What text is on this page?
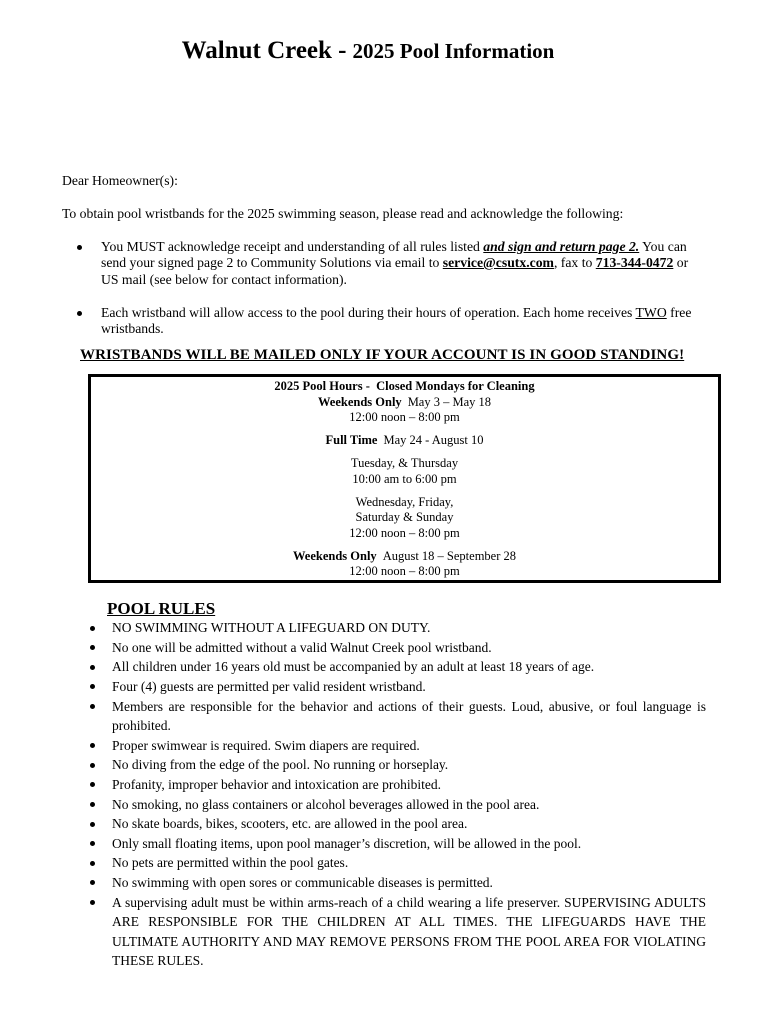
Walnut Creek - 2025 Pool Information

Dear Homeowner(s):

To obtain pool wristbands for the 2025 swimming season, please read and acknowledge the following:

You MUST acknowledge receipt and understanding of all rules listed and sign and return page 2. You can send your signed page 2 to Community Solutions via email to service@csutx.com, fax to 713-344-0472 or US mail (see below for contact information).
Each wristband will allow access to the pool during their hours of operation. Each home receives TWO free wristbands.

WRISTBANDS WILL BE MAILED ONLY IF YOUR ACCOUNT IS IN GOOD STANDING!

2025 Pool Hours -  Closed Mondays for Cleaning
Weekends Only May 3 – May 18
12:00 noon – 8:00 pm
Full Time May 24 - August 10
Tuesday, & Thursday
10:00 am to 6:00 pm
Wednesday, Friday,
Saturday & Sunday
12:00 noon – 8:00 pm
Weekends Only August 18 – September 28
12:00 noon – 8:00 pm
POOL RULES
NO SWIMMING WITHOUT A LIFEGUARD ON DUTY.
No one will be admitted without a valid Walnut Creek pool wristband.
All children under 16 years old must be accompanied by an adult at least 18 years of age.
Four (4) guests are permitted per valid resident wristband.
Members are responsible for the behavior and actions of their guests. Loud, abusive, or foul language is prohibited.
Proper swimwear is required. Swim diapers are required.
No diving from the edge of the pool. No running or horseplay.
Profanity, improper behavior and intoxication are prohibited.
No smoking, no glass containers or alcohol beverages allowed in the pool area.
No skate boards, bikes, scooters, etc. are allowed in the pool area.
Only small floating items, upon pool manager’s discretion, will be allowed in the pool.
No pets are permitted within the pool gates.
No swimming with open sores or communicable diseases is permitted.
A supervising adult must be within arms-reach of a child wearing a life preserver. SUPERVISING ADULTS ARE RESPONSIBLE FOR THE CHILDREN AT ALL TIMES. THE LIFEGUARDS HAVE THE ULTIMATE AUTHORITY AND MAY REMOVE PERSONS FROM THE POOL AREA FOR VIOLATING THESE RULES.
